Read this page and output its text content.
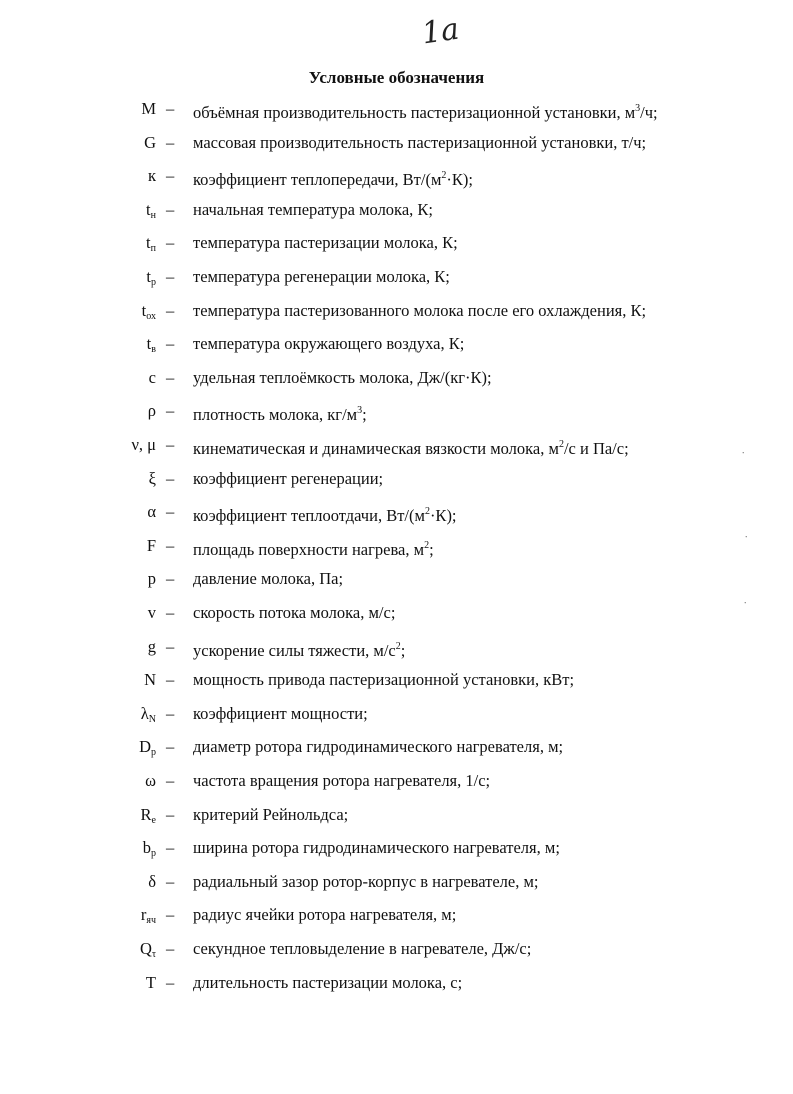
1a
Условные обозначения
M – объёмная производительность пастеризационной установки, $м^3/ч$;
G – массовая производительность пастеризационной установки, т/ч;
к – коэффициент теплопередачи, $Вт/(м^2\cdot К)$;
$t_н$ – начальная температура молока, К;
$t_п$ – температура пастеризации молока, К;
$t_р$ – температура регенерации молока, К;
$t_{ох}$ – температура пастеризованного молока после его охлаждения, К;
$t_в$ – температура окружающего воздуха, К;
c – удельная теплоёмкость молока, Дж/(кг·К);
ρ – плотность молока, $кг/м^3$;
ν, μ – кинематическая и динамическая вязкости молока, $м^2/с$ и Па/с;
ξ – коэффициент регенерации;
α – коэффициент теплоотдачи, $Вт/(м^2\cdot К)$;
F – площадь поверхности нагрева, $м^2$;
p – давление молока, Па;
v – скорость потока молока, м/с;
g – ускорение силы тяжести, $м/с^2$;
N – мощность привода пастеризационной установки, кВт;
$\lambda_N$ – коэффициент мощности;
$D_р$ – диаметр ротора гидродинамического нагревателя, м;
ω – частота вращения ротора нагревателя, 1/с;
$R_e$ – критерий Рейнольдса;
$b_р$ – ширина ротора гидродинамического нагревателя, м;
δ – радиальный зазор ротор-корпус в нагревателе, м;
$r_{яч}$ – радиус ячейки ротора нагревателя, м;
$Q_\tau$ – секундное тепловыделение в нагревателе, Дж/с;
T – длительность пастеризации молока, с;
∙
∙
∙
